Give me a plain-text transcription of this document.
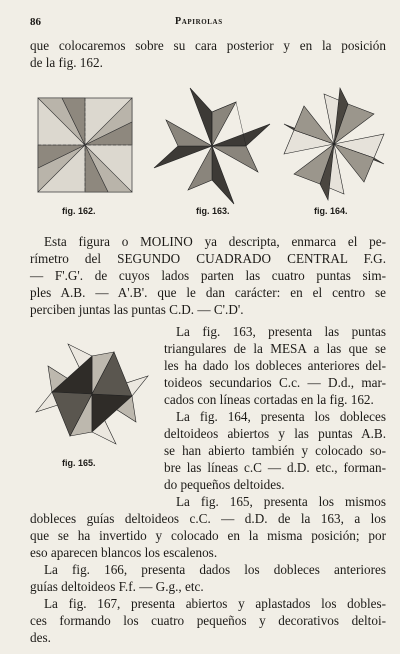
86	Papirolas
que colocaremos sobre su cara posterior y en la posición
de la fig. 162.
fig. 162.	fig. 163.	fig. 164.
Esta figura o MOLINO ya descripta, enmarca el pe-
rímetro del SEGUNDO CUADRADO CENTRAL F.G.
— F'.G'. de cuyos lados parten las cuatro puntas sim-
ples A.B. — A'.B'. que le dan carácter: en el centro se
perciben juntas las puntas C.D. — C'.D'.
fig. 165.
La fig. 163, presenta las puntas
triangulares de la MESA a las que se
les ha dado los dobleces anteriores del-
toideos secundarios C.c. — D.d., mar-
cados con líneas cortadas en la fig. 162.
La fig. 164, presenta los dobleces
deltoideos abiertos y las puntas A.B.
se han abierto también y colocado so-
bre las líneas c.C — d.D. etc., forman-
do pequeños deltoides.
La fig. 165, presenta los mismos
dobleces guías deltoideos c.C. — d.D. de la 163, a los
que se ha invertido y colocado en la misma posición; por
eso aparecen blancos los escalenos.
La fig. 166, presenta dados los dobleces anteriores
guías deltoideos F.f. — G.g., etc.
La fig. 167, presenta abiertos y aplastados los dobles-
ces formando los cuatro pequeños y decorativos deltoi-
des.
